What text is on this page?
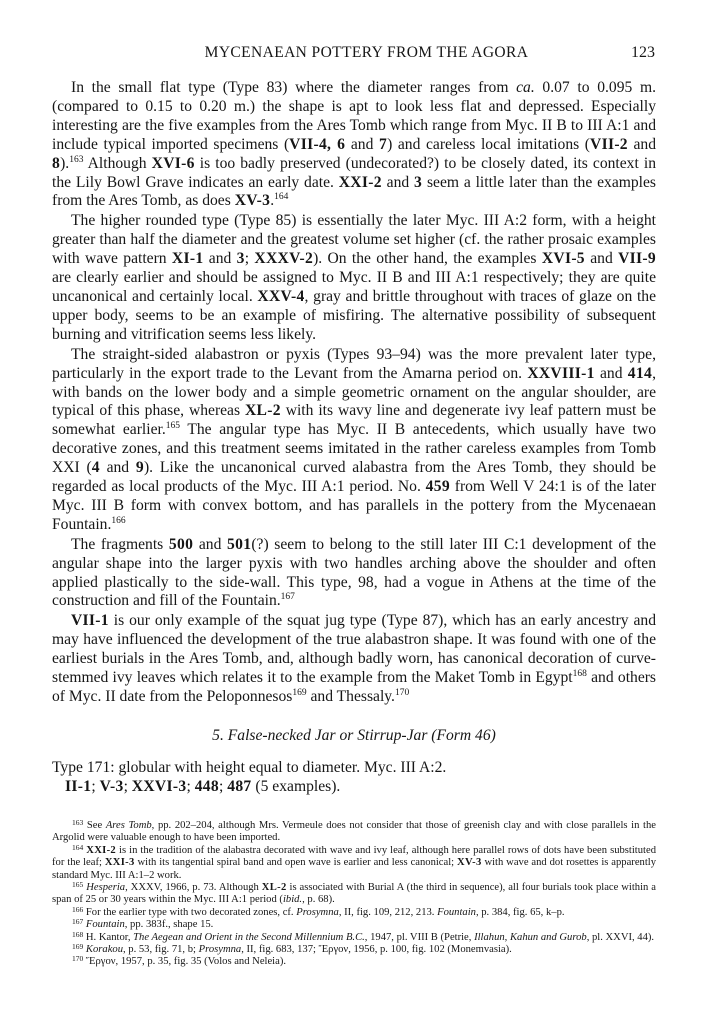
MYCENAEAN POTTERY FROM THE AGORA	123

In the small flat type (Type 83) where the diameter ranges from ca. 0.07 to 0.095 m. (compared to 0.15 to 0.20 m.) the shape is apt to look less flat and depressed. Especially interesting are the five examples from the Ares Tomb which range from Myc. II B to III A:1 and include typical imported specimens (VII-4, 6 and 7) and careless local imitations (VII-2 and 8).$^{163}$ Although XVI-6 is too badly preserved (undecorated?) to be closely dated, its context in the Lily Bowl Grave indicates an early date. XXI-2 and 3 seem a little later than the examples from the Ares Tomb, as does XV-3.$^{164}$

The higher rounded type (Type 85) is essentially the later Myc. III A:2 form, with a height greater than half the diameter and the greatest volume set higher (cf. the rather prosaic examples with wave pattern XI-1 and 3; XXXV-2). On the other hand, the examples XVI-5 and VII-9 are clearly earlier and should be assigned to Myc. II B and III A:1 respectively; they are quite uncanonical and certainly local. XXV-4, gray and brittle throughout with traces of glaze on the upper body, seems to be an example of misfiring. The alternative possibility of subsequent burning and vitrification seems less likely.

The straight-sided alabastron or pyxis (Types 93–94) was the more prevalent later type, particularly in the export trade to the Levant from the Amarna period on. XXVIII-1 and 414, with bands on the lower body and a simple geometric ornament on the angular shoulder, are typical of this phase, whereas XL-2 with its wavy line and degenerate ivy leaf pattern must be somewhat earlier.$^{165}$ The angular type has Myc. II B antecedents, which usually have two decorative zones, and this treatment seems imitated in the rather careless examples from Tomb XXI (4 and 9). Like the uncanonical curved alabastra from the Ares Tomb, they should be regarded as local products of the Myc. III A:1 period. No. 459 from Well V 24:1 is of the later Myc. III B form with convex bottom, and has parallels in the pottery from the Mycenaean Fountain.$^{166}$

The fragments 500 and 501(?) seem to belong to the still later III C:1 development of the angular shape into the larger pyxis with two handles arching above the shoulder and often applied plastically to the side-wall. This type, 98, had a vogue in Athens at the time of the construction and fill of the Fountain.$^{167}$

VII-1 is our only example of the squat jug type (Type 87), which has an early ancestry and may have influenced the development of the true alabastron shape. It was found with one of the earliest burials in the Ares Tomb, and, although badly worn, has canonical decoration of curve-stemmed ivy leaves which relates it to the example from the Maket Tomb in Egypt$^{168}$ and others of Myc. II date from the Peloponnesos$^{169}$ and Thessaly.$^{170}$

5. False-necked Jar or Stirrup-Jar (Form 46)
Type 171: globular with height equal to diameter. Myc. III A:2.
II-1; V-3; XXVI-3; 448; 487 (5 examples).

$^{163}$ See Ares Tomb, pp. 202–204, although Mrs. Vermeule does not consider that those of greenish clay and with close parallels in the Argolid were valuable enough to have been imported.

$^{164}$ XXI-2 is in the tradition of the alabastra decorated with wave and ivy leaf, although here parallel rows of dots have been substituted for the leaf; XXI-3 with its tangential spiral band and open wave is earlier and less canonical; XV-3 with wave and dot rosettes is apparently standard Myc. III A:1–2 work.

$^{165}$ Hesperia, XXXV, 1966, p. 73. Although XL-2 is associated with Burial A (the third in sequence), all four burials took place within a span of 25 or 30 years within the Myc. III A:1 period (ibid., p. 68).

$^{166}$ For the earlier type with two decorated zones, cf. Prosymna, II, fig. 109, 212, 213. Fountain, p. 384, fig. 65, k–p.

$^{167}$ Fountain, pp. 383f., shape 15.

$^{168}$ H. Kantor, The Aegean and Orient in the Second Millennium B.C., 1947, pl. VIII B (Petrie, Illahun, Kahun and Gurob, pl. XXVI, 44).

$^{169}$ Korakou, p. 53, fig. 71, b; Prosymna, II, fig. 683, 137; Ἔργον, 1956, p. 100, fig. 102 (Monemvasia).

$^{170}$ Ἔργον, 1957, p. 35, fig. 35 (Volos and Neleia).
